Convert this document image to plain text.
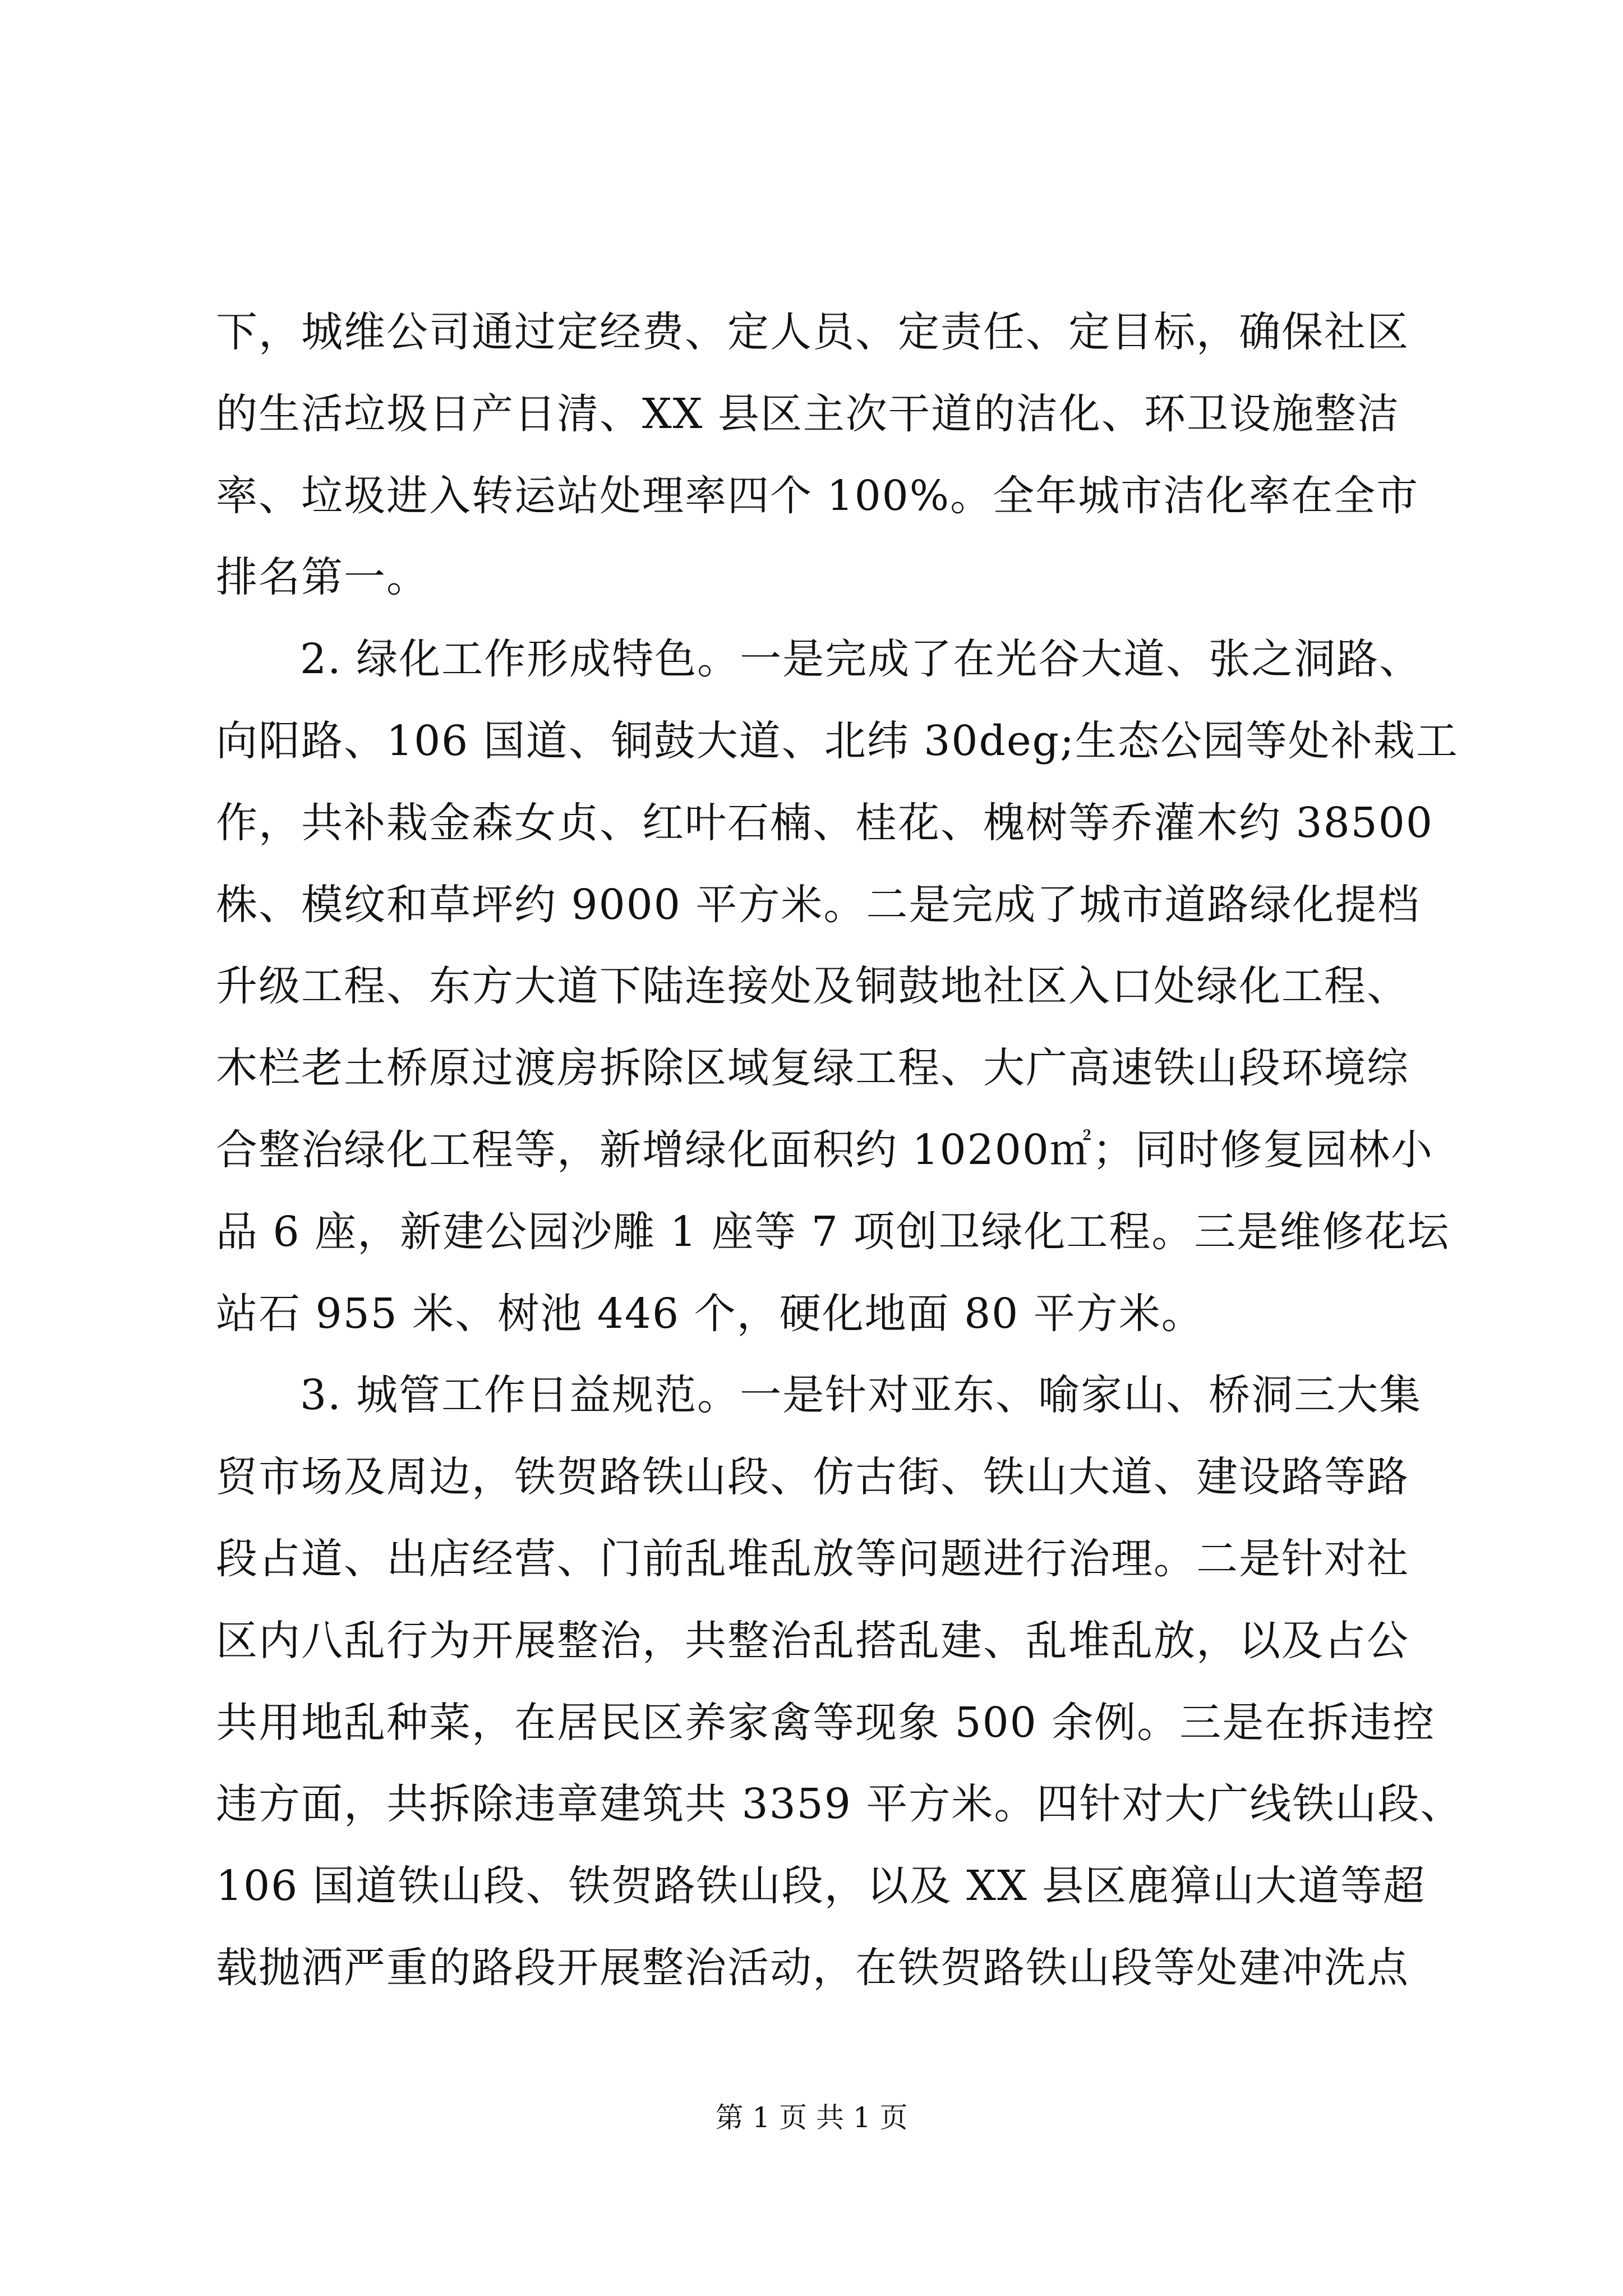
下，城维公司通过定经费、定人员、定责任、定目标，确保社区
的生活垃圾日产日清、XX 县区主次干道的洁化、环卫设施整洁
率、垃圾进入转运站处理率四个 100%。全年城市洁化率在全市
排名第一。
2. 绿化工作形成特色。一是完成了在光谷大道、张之洞路、
向阳路、106 国道、铜鼓大道、北纬 30deg;生态公园等处补栽工
作，共补栽金森女贞、红叶石楠、桂花、槐树等乔灌木约 38500
株、模纹和草坪约 9000 平方米。二是完成了城市道路绿化提档
升级工程、东方大道下陆连接处及铜鼓地社区入口处绿化工程、
木栏老土桥原过渡房拆除区域复绿工程、大广高速铁山段环境综
合整治绿化工程等，新增绿化面积约 10200㎡；同时修复园林小
品 6 座，新建公园沙雕 1 座等 7 项创卫绿化工程。三是维修花坛
站石 955 米、树池 446 个，硬化地面 80 平方米。
3. 城管工作日益规范。一是针对亚东、喻家山、桥洞三大集
贸市场及周边，铁贺路铁山段、仿古街、铁山大道、建设路等路
段占道、出店经营、门前乱堆乱放等问题进行治理。二是针对社
区内八乱行为开展整治，共整治乱搭乱建、乱堆乱放，以及占公
共用地乱种菜，在居民区养家禽等现象 500 余例。三是在拆违控
违方面，共拆除违章建筑共 3359 平方米。四针对大广线铁山段、
106 国道铁山段、铁贺路铁山段，以及 XX 县区鹿獐山大道等超
载抛洒严重的路段开展整治活动，在铁贺路铁山段等处建冲洗点
第 1 页 共 1 页
